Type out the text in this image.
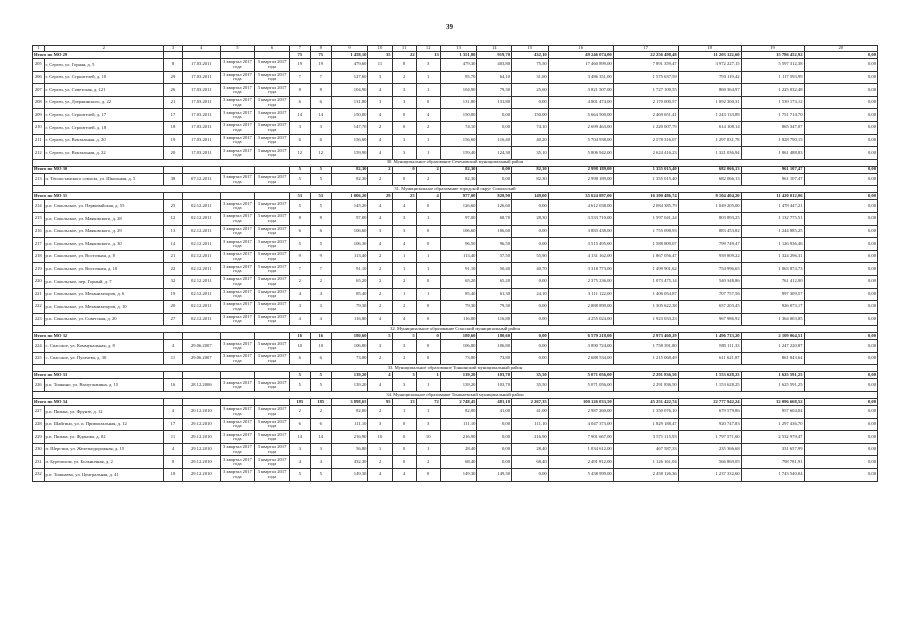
39
1	2	3	4	5	6	7	8	9	10	11	12	13	14	15	16	17	18	19	20
Итого по МО 29						75	75	1 458,10	35	22	13	1 351,80	919,70	432,10	49 246 074,00	22 256 498,48	11 203 122,60	15 786 452,92	0,00
205	г. Сергач, ул. Горная, д. 5	8	17.03.2011	3 квартал 2017 года	3 квартал 2017 года	19	19	479,60	11	8	3	479,30	403,80	75,50	17 460 899,00	7 891 359,47	3 972 227,15	5 597 312,38	0,00
206	г. Сергач, ул. Строителей, д. 10	29	17.03.2011	3 квартал 2017 года	3 квартал 2017 года	7	7	127,60	3	2	1	95,70	64,10	31,60	3 486 351,00	1 575 637,59	793 119,42	1 117 593,99	0,00
207	г. Сергач, ул. Советская, д. 121	26	17.03.2011	3 квартал 2017 года	3 квартал 2017 года	8	8	104,90	4	3	1	104,90	79,30	25,60	3 821 507,00	1 727 109,55	869 364,97	1 225 032,48	0,00
208	г. Сергач, ул. Дзержинского, д. 22	21	17.03.2011	3 квартал 2017 года	3 квартал 2017 года	6	6	131,80	3	3	0	131,80	131,80	0,00	4 801 474,00	2 170 000,57	1 092 300,31	1 539 173,12	0,00
209	г. Сергач, ул. Строителей, д. 17	17	17.03.2011	3 квартал 2017 года	3 квартал 2017 года	14	14	150,00	4	0	4	150,00	0,00	150,00	5 664 500,00	2 469 651,41	1 243 133,89	1 751 714,70	0,00
210	г. Сергач, ул. Строителей, д. 18	18	17.03.2011	3 квартал 2017 года	3 квартал 2017 года	3	3	147,70	2	0	2	74,10	0,00	74,10	2 699 463,00	1 220 007,79	614 108,14	865 347,07	0,00
211	г. Сергач, ул. Вокзальная, д. 20	19	17.03.2011	3 квартал 2017 года	3 квартал 2017 года	6	6	156,60	4	3	1	156,60	116,40	40,20	5 704 938,00	2 578 316,07	1 297 831,78	1 828 790,15	0,00
212	г. Сергач, ул. Вокзальная, д. 22	20	17.03.2011	3 квартал 2017 года	3 квартал 2017 года	12	12	159,90	4	3	1	159,40	124,30	35,10	5 806 942,00	2 624 416,23	1 321 036,94	1 861 488,83	0,00
30. Муниципальное образование Сеченовский муниципальный район																			
Итого по МО 30						5	5	82,30	2	0	2	82,30	0,00	82,30	2 998 189,00	1 355 015,40	682 066,13	961 107,47	0,00
213	п. Тёплостанского совхоза, ул. Школьная, д. 5	38	07.12.2011	3 квартал 2017 года	3 квартал 2017 года	5	5	82,30	2	0	2	82,30	0,00	82,30	2 998 189,00	1 355 015,40	682 066,13	961 107,47	0,00
31. Муниципальное образование городской округ Сокольский																			
Итого по МО 31						53	53	1 006,20	29	25	4	977,00	828,90	149,00	35 624 897,00	16 100 486,74	8 104 404,20	11 420 012,06	0,00
214	р.п. Сокольское, ул. Первомайская, д. 55	25	02.12.2011	3 квартал 2017 года	3 квартал 2017 года	5	5	145,20	4	4	0	126,60	126,60	0,00	4 612 038,00	2 084 385,79	1 049 205,00	1 478 447,21	0,00
215	р.п. Сокольское, ул. Маяковского, д. 28	12	02.12.2011	3 квартал 2017 года	3 квартал 2017 года	8	8	97,00	4	3	1	97,00	68,70	28,30	3 533 710,00	1 597 041,24	803 893,25	1 132 775,51	0,00
216	р.п. Сокольское, ул. Маяковского, д. 29	13	02.12.2011	3 квартал 2017 года	3 квартал 2017 года	6	6	106,60	3	3	0	106,60	106,60	0,00	3 883 438,00	1 755 098,93	883 453,82	1 244 885,25	0,00
217	р.п. Сокольское, ул. Маяковского, д. 30	14	02.12.2011	3 квартал 2017 года	3 квартал 2017 года	5	5	106,30	4	4	0	96,50	96,50	0,00	3 515 495,00	1 588 809,07	799 749,47	1 126 936,46	0,00
218	р.п. Сокольское, ул. Восточная, д. 8	21	02.12.2011	3 квартал 2017 года	3 квартал 2017 года	9	9	113,40	2	1	1	113,40	57,50	55,90	4 131 162,00	1 867 056,47	939 809,22	1 324 296,31	0,00
219	р.п. Сокольское, ул. Восточная, д. 10	22	02.12.2011	3 квартал 2017 года	3 квартал 2017 года	7	7	91,10	2	1	1	91,10	50,40	40,70	3 318 773,00	1 499 901,62	754 996,65	1 063 874,73	0,00
220	р.п. Сокольское, пер. Горный, д. 7	32	02.12.2011	3 квартал 2017 года	3 квартал 2017 года	2	2	65,20	2	2	0	65,20	65,20	0,00	2 375 236,00	1 073 475,14	540 348,86	761 412,00	0,00
221	р.п. Сокольское, ул. Механизаторов, д. 6	19	02.12.2011	3 квартал 2017 года	3 квартал 2017 года	4	4	85,40	2	1	1	85,40	61,30	24,10	3 111 122,00	1 406 054,87	707 757,56	997 309,57	0,00
222	р.п. Сокольское, ул. Механизаторов, д. 10	20	02.12.2011	3 квартал 2017 года	3 квартал 2017 года	3	3	79,30	2	2	0	79,30	79,30	0,00	2 888 899,00	1 305 622,38	657 203,45	926 073,17	0,00
223	р.п. Сокольское, ул. Советская, д. 20	27	02.12.2011	3 квартал 2017 года	3 квартал 2017 года	4	4	116,80	4	4	0	116,80	116,80	0,00	4 255 024,00	1 923 033,23	967 986,92	1 364 003,85	0,00
32. Муниципальное образование Спасский муниципальный район																			
Итого по МО 32						16	16	180,60	5	5	0	180,60	180,60	0,00	6 579 218,00	2 973 460,29	1 496 733,20	2 109 064,51	0,00
224	с. Спасское, ул. Коммунальная, д. 8	4	29.06.2007	3 квартал 2017 года	3 квартал 2017 года	10	10	106,80	3	3	0	106,80	106,80	0,00	3 890 724,00	1 758 391,80	885 111,33	1 247 220,87	0,00
225	с. Спасское, ул. Пугачева, д. 30	11	29.06.2007	3 квартал 2017 года	3 квартал 2017 года	6	6	73,80	2	2	0	73,80	73,80	0,00	2 688 534,00	1 215 068,49	611 621,87	861 843,64	0,00
33. Муниципальное образование Тонкинский муниципальный район																			
Итого по МО 33						5	5	139,20	4	3	1	139,20	103,70	35,50	5 071 056,00	2 291 836,50	1 153 628,25	1 625 591,25	0,00
226	р.п. Тонкино, ул. Вычугжанина, д. 15	16	28.12.2006	3 квартал 2017 года	3 квартал 2017 года	5	5	139,20	4	3	1	139,20	103,70	35,50	5 071 056,00	2 291 836,50	1 153 628,25	1 625 591,25	0,00
34. Муниципальное образование Тоншаевский муниципальный район																			
Итого по МО 34						185	185	3 898,65	95	13	72	2 748,45	481,10	2 267,35	100 126 033,50	45 251 422,74	22 777 942,24	32 096 668,52	0,00
227	р.п. Пижма, ул. Фрунзе, д. 12	4	20.12.2010	3 квартал 2017 года	3 квартал 2017 года	2	2	82,00	2	1	1	82,00	41,00	41,00	2 987 260,00	1 350 076,10	679 579,86	957 604,04	0,00
228	р.п. Шайгино, ул. п. Привокзальная, д. 12	17	29.12.2010	3 квартал 2017 года	3 квартал 2017 года	6	6	111,10	3	0	3	111,10	0,00	111,10	4 047 373,00	1 829 188,47	920 747,83	1 297 436,70	0,00
229	р.п. Пижма, ул. Жданова, д. 82	11	29.12.2010	3 квартал 2017 года	3 квартал 2017 года	14	14	216,90	10	0	10	216,90	0,00	216,90	7 901 667,00	3 571 115,93	1 797 571,60	2 532 979,47	0,00
230	п. Шерстки, ул. Железнодорожная, д. 15	4	29.12.2010	3 квартал 2017 года	3 квартал 2017 года	3	3	56,80	1	0	1	28,40	0,00	28,40	1 034 612,00	467 587,33	235 366,68	331 657,99	0,00
231	п. Буреполом, ул. Больничная, д. 2	8	29.12.2010	3 квартал 2017 года	3 квартал 2017 года	4	4	432,30	2	0	2	68,40	0,00	68,40	2 491 812,00	1 126 161,04	566 869,05	798 781,91	0,00
232	р.п. Тоншаево, ул. Центральная, д. 41	18	29.12.2010	3 квартал 2017 года	3 квартал 2017 года	5	5	149,30	4	4	0	149,30	149,30	0,00	5 438 999,00	2 458 126,36	1 237 332,60	1 743 540,04	0,00
